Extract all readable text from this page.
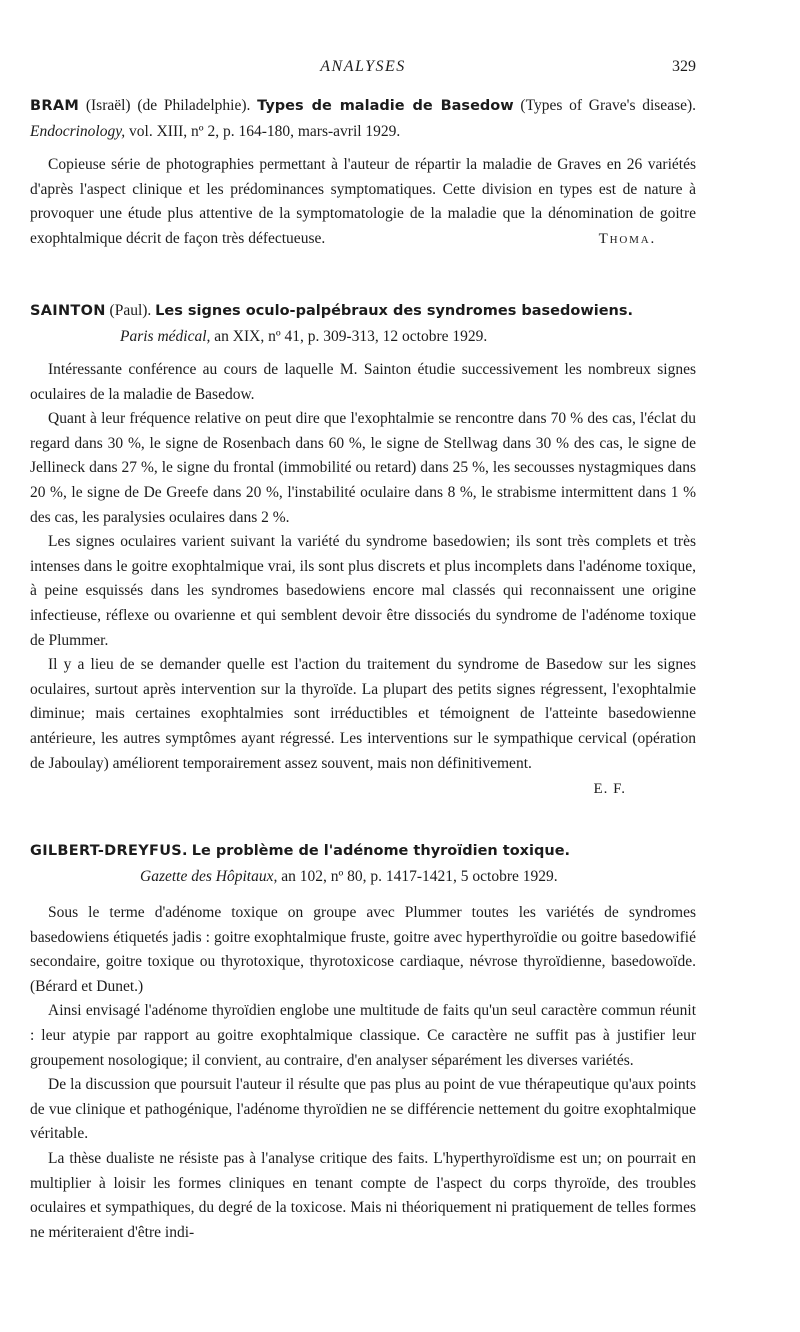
ANALYSES	329

BRAM (Israël) (de Philadelphie). Types de maladie de Basedow (Types of Grave's disease). Endocrinology, vol. XIII, nº 2, p. 164-180, mars-avril 1929.

Copieuse série de photographies permettant à l'auteur de répartir la maladie de Graves en 26 variétés d'après l'aspect clinique et les prédominances symptomatiques. Cette division en types est de nature à provoquer une étude plus attentive de la symptomatologie de la maladie que la dénomination de goitre exophtalmique décrit de façon très défectueuse.	Thoma.

SAINTON (Paul). Les signes oculo-palpébraux des syndromes basedowiens.

Paris médical, an XIX, nº 41, p. 309-313, 12 octobre 1929.

Intéressante conférence au cours de laquelle M. Sainton étudie successivement les nombreux signes oculaires de la maladie de Basedow.

Quant à leur fréquence relative on peut dire que l'exophtalmie se rencontre dans 70 % des cas, l'éclat du regard dans 30 %, le signe de Rosenbach dans 60 %, le signe de Stellwag dans 30 % des cas, le signe de Jellineck dans 27 %, le signe du frontal (immobilité ou retard) dans 25 %, les secousses nystagmiques dans 20 %, le signe de De Greefe dans 20 %, l'instabilité oculaire dans 8 %, le strabisme intermittent dans 1 % des cas, les paralysies oculaires dans 2 %.

Les signes oculaires varient suivant la variété du syndrome basedowien; ils sont très complets et très intenses dans le goitre exophtalmique vrai, ils sont plus discrets et plus incomplets dans l'adénome toxique, à peine esquissés dans les syndromes basedowiens encore mal classés qui reconnaissent une origine infectieuse, réflexe ou ovarienne et qui semblent devoir être dissociés du syndrome de l'adénome toxique de Plummer.

Il y a lieu de se demander quelle est l'action du traitement du syndrome de Basedow sur les signes oculaires, surtout après intervention sur la thyroïde. La plupart des petits signes régressent, l'exophtalmie diminue; mais certaines exophtalmies sont irréductibles et témoignent de l'atteinte basedowienne antérieure, les autres symptômes ayant régressé. Les interventions sur le sympathique cervical (opération de Jaboulay) améliorent temporairement assez souvent, mais non définitivement.

E. F.

GILBERT-DREYFUS. Le problème de l'adénome thyroïdien toxique.

Gazette des Hôpitaux, an 102, nº 80, p. 1417-1421, 5 octobre 1929.

Sous le terme d'adénome toxique on groupe avec Plummer toutes les variétés de syndromes basedowiens étiquetés jadis : goitre exophtalmique fruste, goitre avec hyperthyroïdie ou goitre basedowifié secondaire, goitre toxique ou thyrotoxique, thyrotoxicose cardiaque, névrose thyroïdienne, basedowoïde. (Bérard et Dunet.)

Ainsi envisagé l'adénome thyroïdien englobe une multitude de faits qu'un seul caractère commun réunit : leur atypie par rapport au goitre exophtalmique classique. Ce caractère ne suffit pas à justifier leur groupement nosologique; il convient, au contraire, d'en analyser séparément les diverses variétés.

De la discussion que poursuit l'auteur il résulte que pas plus au point de vue thérapeutique qu'aux points de vue clinique et pathogénique, l'adénome thyroïdien ne se différencie nettement du goitre exophtalmique véritable.

La thèse dualiste ne résiste pas à l'analyse critique des faits. L'hyperthyroïdisme est un; on pourrait en multiplier à loisir les formes cliniques en tenant compte de l'aspect du corps thyroïde, des troubles oculaires et sympathiques, du degré de la toxicose. Mais ni théoriquement ni pratiquement de telles formes ne mériteraient d'être indi-
